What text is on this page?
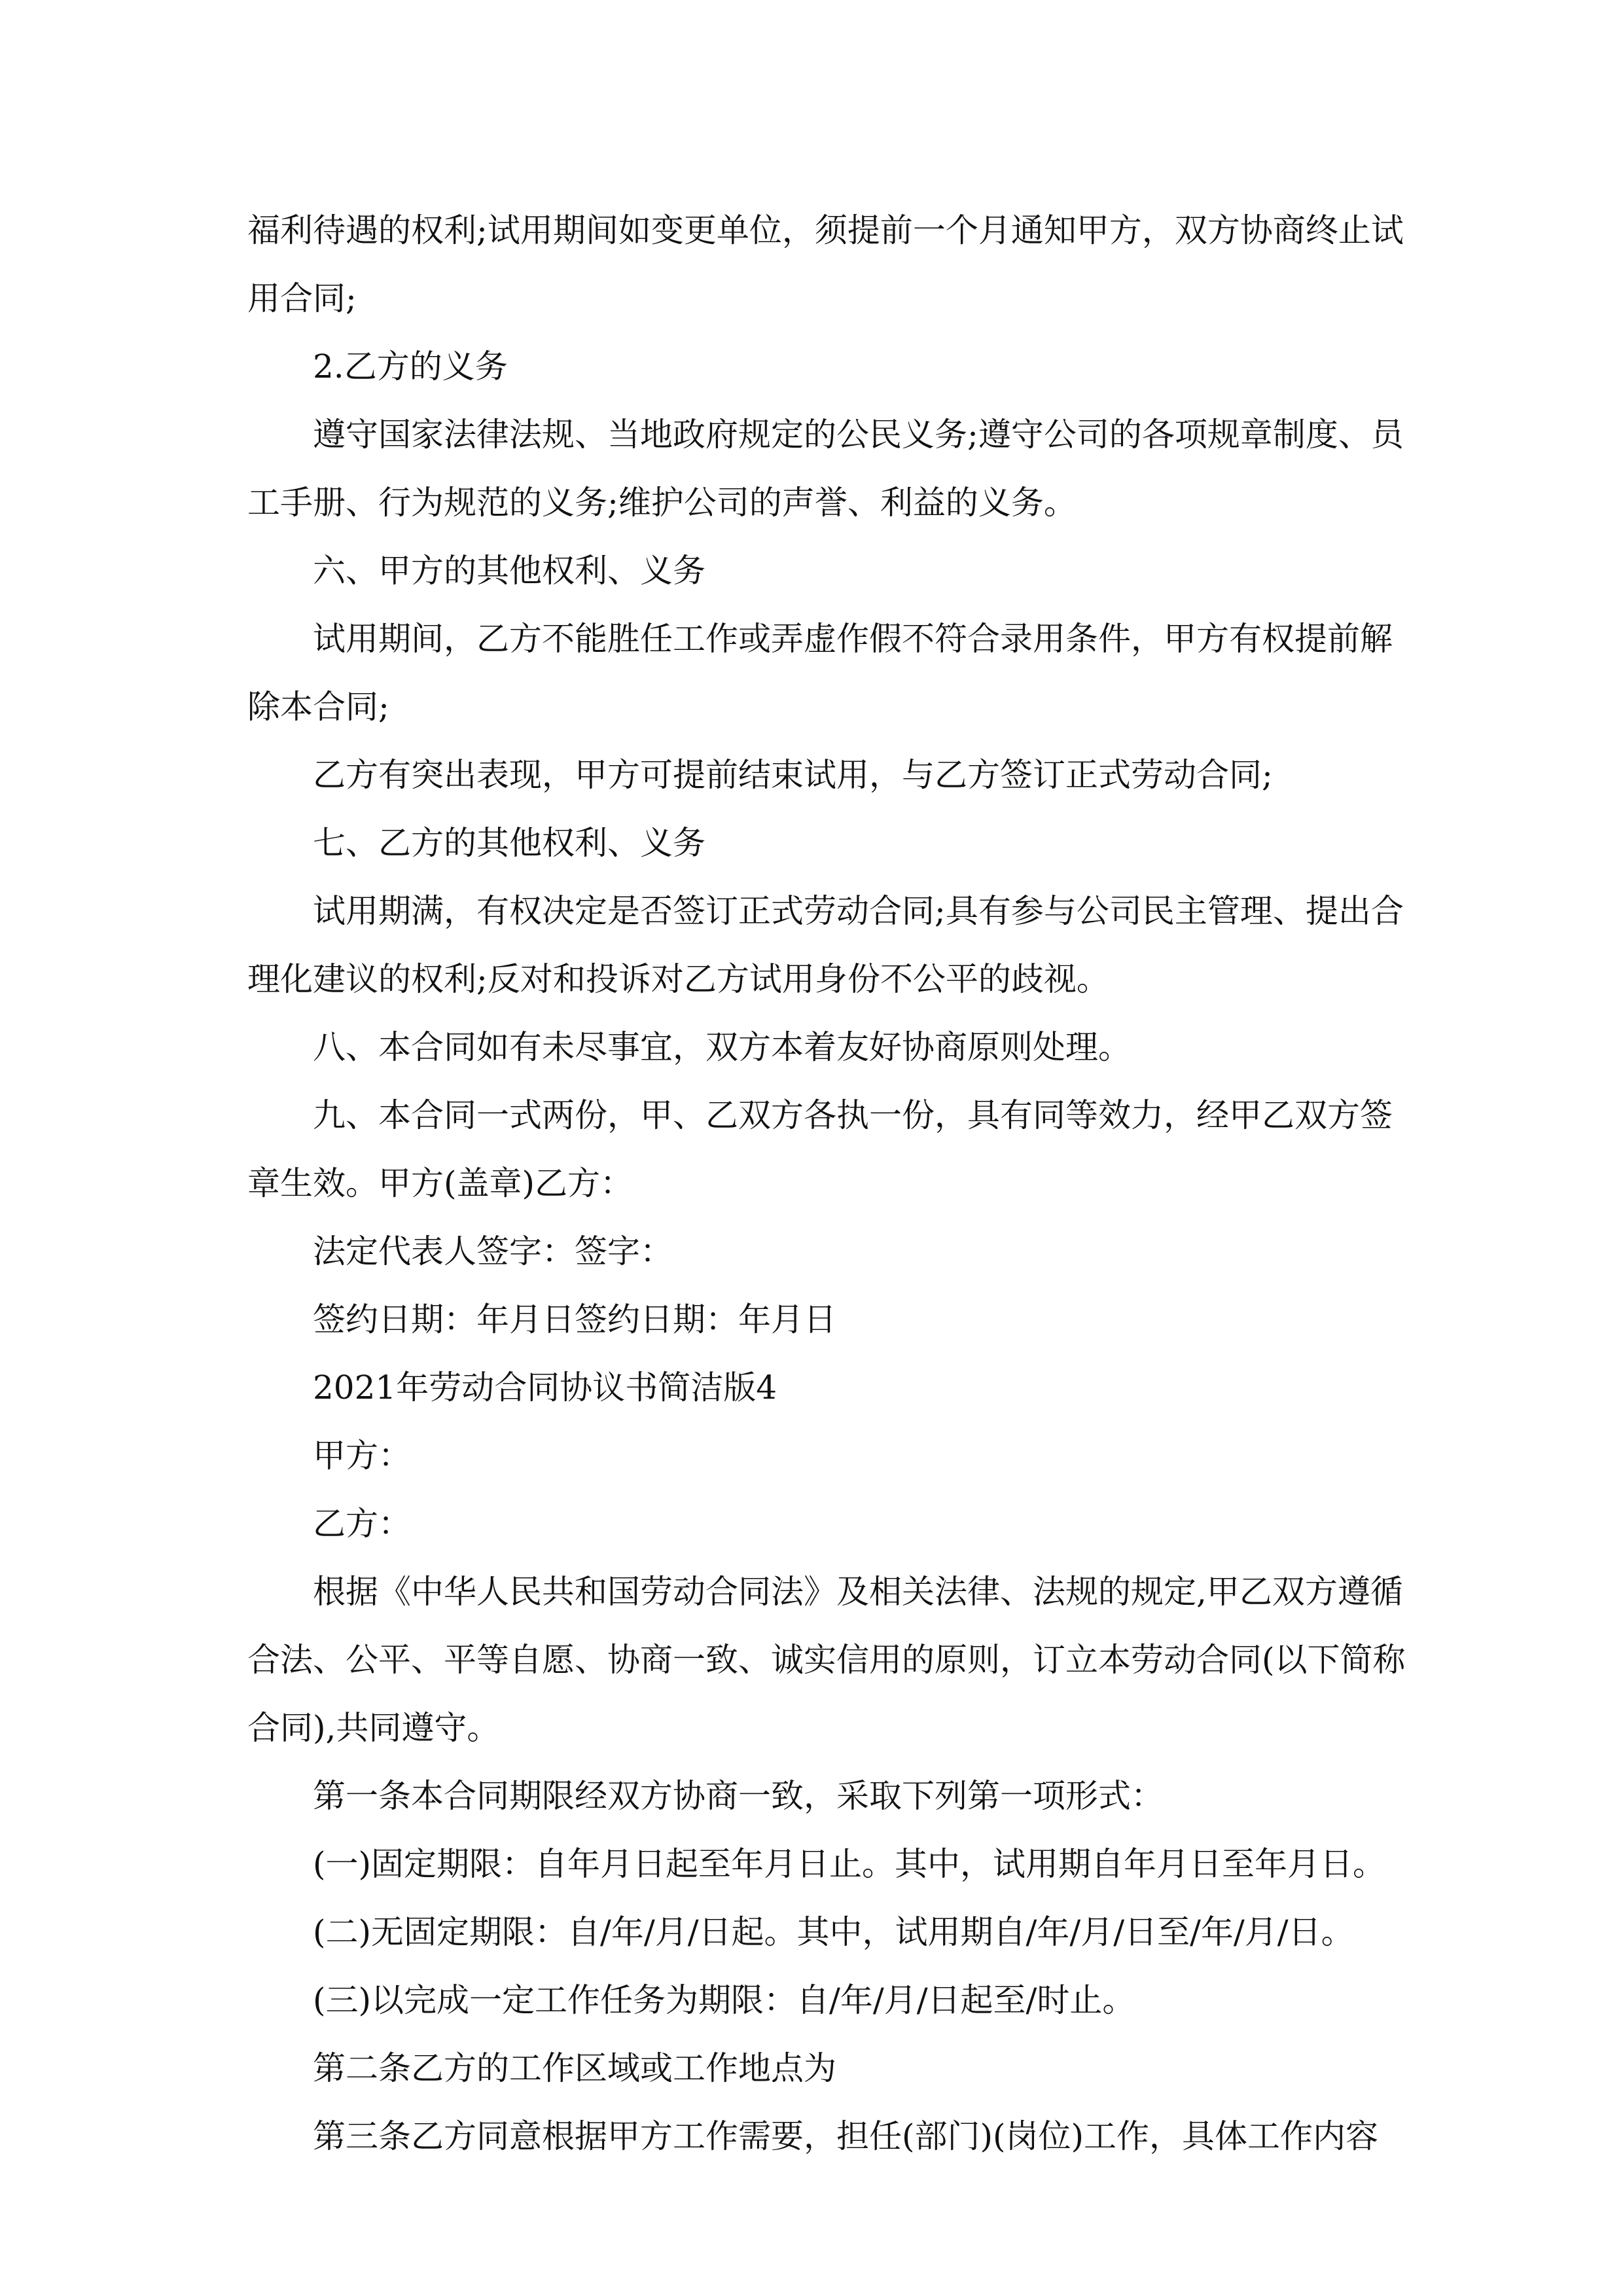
福利待遇的权利;试用期间如变更单位，须提前一个月通知甲方，双方协商终止试用合同;

2.乙方的义务

遵守国家法律法规、当地政府规定的公民义务;遵守公司的各项规章制度、员工手册、行为规范的义务;维护公司的声誉、利益的义务。

六、甲方的其他权利、义务

试用期间，乙方不能胜任工作或弄虚作假不符合录用条件，甲方有权提前解除本合同;

乙方有突出表现，甲方可提前结束试用，与乙方签订正式劳动合同;

七、乙方的其他权利、义务

试用期满，有权决定是否签订正式劳动合同;具有参与公司民主管理、提出合理化建议的权利;反对和投诉对乙方试用身份不公平的歧视。

八、本合同如有未尽事宜，双方本着友好协商原则处理。

九、本合同一式两份，甲、乙双方各执一份，具有同等效力，经甲乙双方签章生效。甲方(盖章)乙方：

法定代表人签字：签字：

签约日期：年月日签约日期：年月日

2021年劳动合同协议书简洁版4

甲方：

乙方：

根据《中华人民共和国劳动合同法》及相关法律、法规的规定,甲乙双方遵循合法、公平、平等自愿、协商一致、诚实信用的原则，订立本劳动合同(以下简称合同),共同遵守。

第一条本合同期限经双方协商一致，采取下列第一项形式：

(一)固定期限：自年月日起至年月日止。其中，试用期自年月日至年月日。

(二)无固定期限：自/年/月/日起。其中，试用期自/年/月/日至/年/月/日。

(三)以完成一定工作任务为期限：自/年/月/日起至/时止。

第二条乙方的工作区域或工作地点为

第三条乙方同意根据甲方工作需要，担任(部门)(岗位)工作，具体工作内容
